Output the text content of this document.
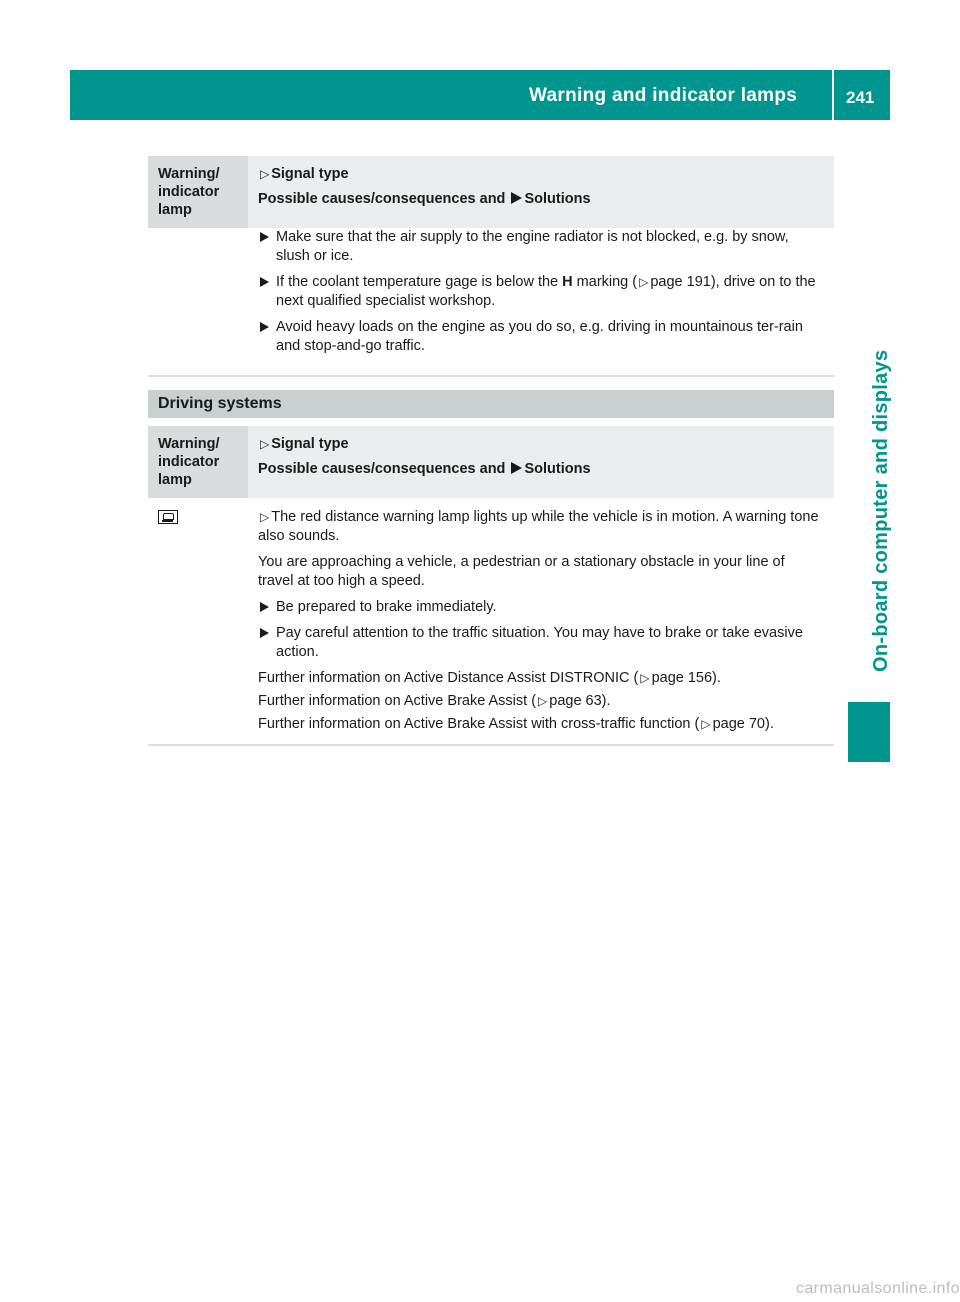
Warning and indicator lamps	241
On-board computer and displays
Warning/ indicator lamp
▷ Signal type
Possible causes/consequences and Solutions
Make sure that the air supply to the engine radiator is not blocked, e.g. by snow, slush or ice.
If the coolant temperature gage is below the H marking ( ▷ page 191), drive on to the next qualified specialist workshop.
Avoid heavy loads on the engine as you do so, e.g. driving in mountainous ter-rain and stop-and-go traffic.
Driving systems
Warning/ indicator lamp
▷ Signal type
Possible causes/consequences and Solutions
▷ The red distance warning lamp lights up while the vehicle is in motion. A warning tone also sounds.
You are approaching a vehicle, a pedestrian or a stationary obstacle in your line of travel at too high a speed.
Be prepared to brake immediately.
Pay careful attention to the traffic situation. You may have to brake or take evasive action.
Further information on Active Distance Assist DISTRONIC ( ▷ page 156).
Further information on Active Brake Assist ( ▷ page 63).
Further information on Active Brake Assist with cross-traffic function ( ▷ page 70).
carmanualsonline.info
